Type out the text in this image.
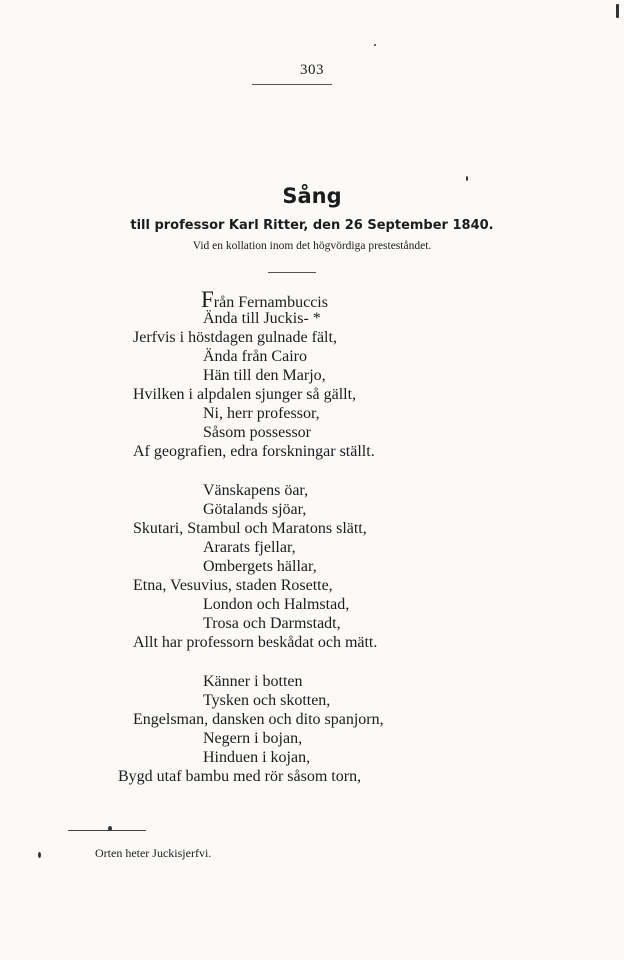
303
Sång
till professor Karl Ritter, den 26 September 1840.
Vid en kollation inom det högvördiga presteståndet.
Från Fernambuccis
Ända till Juckis- *
Jerfvis i höstdagen gulnade fält,
Ända från Cairo
Hän till den Marjo,
Hvilken i alpdalen sjunger så gällt,
Ni, herr professor,
Såsom possessor
Af geografien, edra forskningar ställt.
Vänskapens öar,
Götalands sjöar,
Skutari, Stambul och Maratons slätt,
Ararats fjellar,
Ombergets hällar,
Etna, Vesuvius, staden Rosette,
London och Halmstad,
Trosa och Darmstadt,
Allt har professorn beskådat och mätt.
Känner i botten
Tysken och skotten,
Engelsman, dansken och dito spanjorn,
Negern i bojan,
Hinduen i kojan,
Bygd utaf bambu med rör såsom torn,
Orten heter Juckisjerfvi.
